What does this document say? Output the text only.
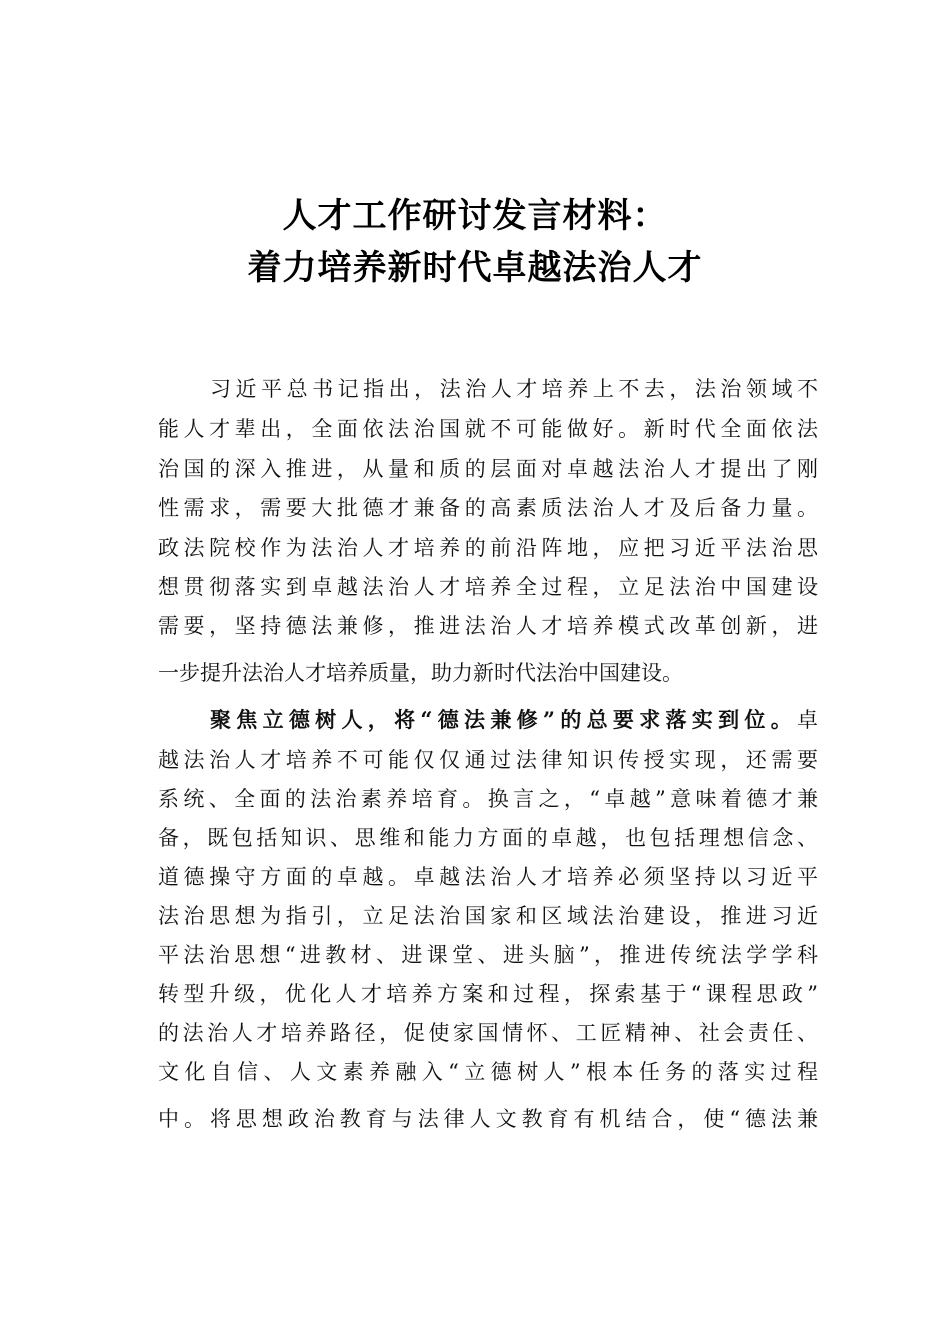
人才工作研讨发言材料：
着力培养新时代卓越法治人才
习近平总书记指出，法治人才培养上不去，法治领域不
能人才辈出，全面依法治国就不可能做好。新时代全面依法
治国的深入推进，从量和质的层面对卓越法治人才提出了刚
性需求，需要大批德才兼备的高素质法治人才及后备力量。
政法院校作为法治人才培养的前沿阵地，应把习近平法治思
想贯彻落实到卓越法治人才培养全过程，立足法治中国建设
需要，坚持德法兼修，推进法治人才培养模式改革创新，进
一步提升法治人才培养质量，助力新时代法治中国建设。
聚焦立德树人，将“德法兼修”的总要求落实到位。卓
越法治人才培养不可能仅仅通过法律知识传授实现，还需要
系统、全面的法治素养培育。换言之，“卓越”意味着德才兼
备，既包括知识、思维和能力方面的卓越，也包括理想信念、
道德操守方面的卓越。卓越法治人才培养必须坚持以习近平
法治思想为指引，立足法治国家和区域法治建设，推进习近
平法治思想“进教材、进课堂、进头脑”，推进传统法学学科
转型升级，优化人才培养方案和过程，探索基于“课程思政”
的法治人才培养路径，促使家国情怀、工匠精神、社会责任、
文化自信、人文素养融入“立德树人”根本任务的落实过程
中。将思想政治教育与法律人文教育有机结合，使“德法兼
